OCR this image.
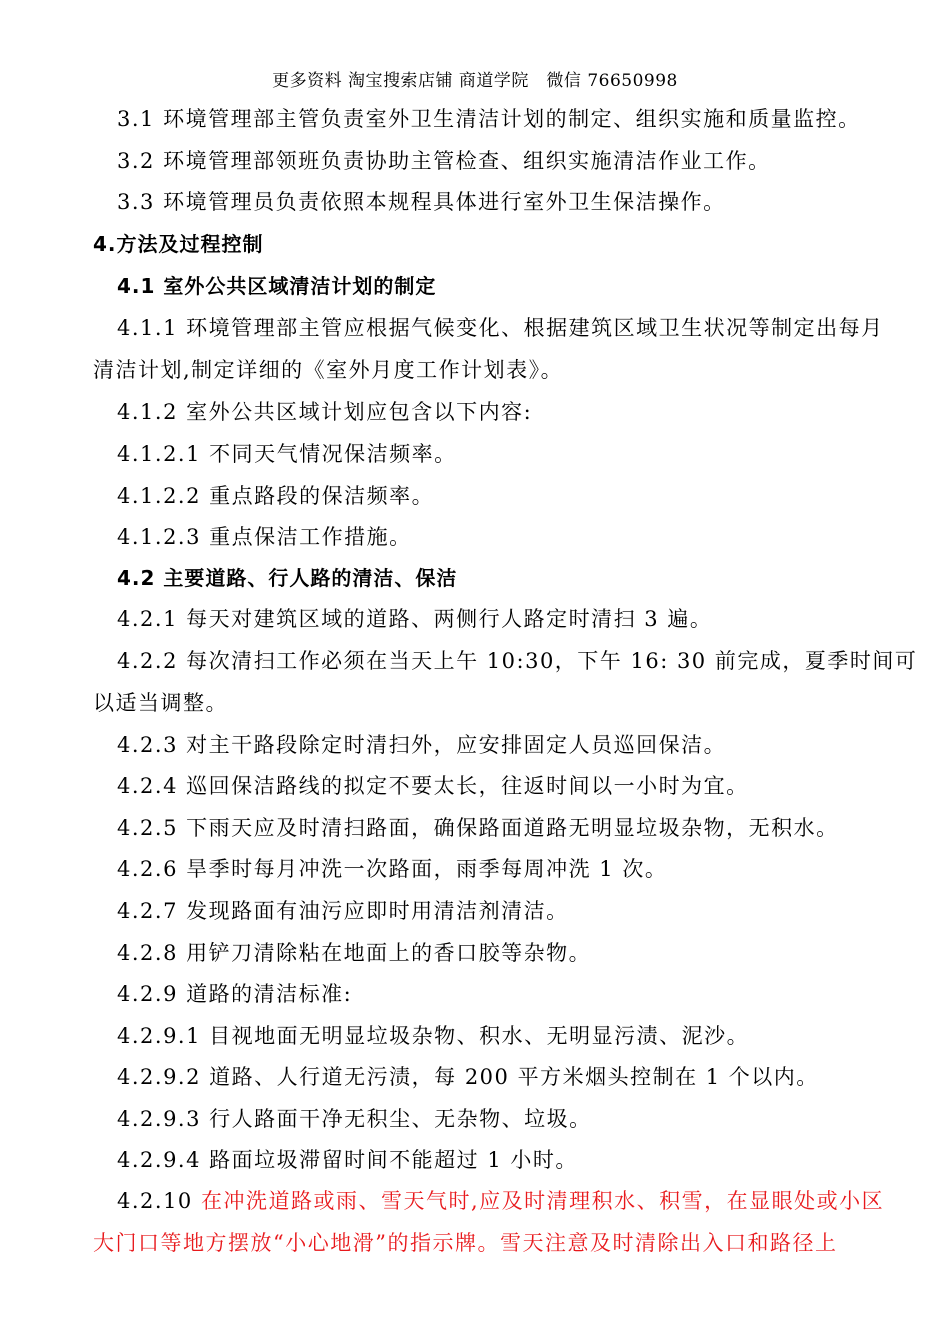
更多资料 淘宝搜索店铺 商道学院　微信 76650998
3.1 环境管理部主管负责室外卫生清洁计划的制定、组织实施和质量监控。
3.2 环境管理部领班负责协助主管检查、组织实施清洁作业工作。
3.3 环境管理员负责依照本规程具体进行室外卫生保洁操作。
4.方法及过程控制
4.1 室外公共区域清洁计划的制定
4.1.1 环境管理部主管应根据气候变化、根据建筑区域卫生状况等制定出每月
清洁计划,制定详细的《室外月度工作计划表》。
4.1.2 室外公共区域计划应包含以下内容:
4.1.2.1 不同天气情况保洁频率。
4.1.2.2 重点路段的保洁频率。
4.1.2.3 重点保洁工作措施。
4.2 主要道路、行人路的清洁、保洁
4.2.1 每天对建筑区域的道路、两侧行人路定时清扫 3 遍。
4.2.2 每次清扫工作必须在当天上午 10:30，下午 16: 30 前完成，夏季时间可
以适当调整。
4.2.3 对主干路段除定时清扫外，应安排固定人员巡回保洁。
4.2.4 巡回保洁路线的拟定不要太长，往返时间以一小时为宜。
4.2.5 下雨天应及时清扫路面，确保路面道路无明显垃圾杂物，无积水。
4.2.6 旱季时每月冲洗一次路面，雨季每周冲洗 1 次。
4.2.7 发现路面有油污应即时用清洁剂清洁。
4.2.8 用铲刀清除粘在地面上的香口胶等杂物。
4.2.9 道路的清洁标准:
4.2.9.1 目视地面无明显垃圾杂物、积水、无明显污渍、泥沙。
4.2.9.2 道路、人行道无污渍，每 200 平方米烟头控制在 1 个以内。
4.2.9.3 行人路面干净无积尘、无杂物、垃圾。
4.2.9.4 路面垃圾滞留时间不能超过 1 小时。
4.2.10 在冲洗道路或雨、雪天气时,应及时清理积水、积雪，在显眼处或小区
大门口等地方摆放“小心地滑”的指示牌。雪天注意及时清除出入口和路径上
